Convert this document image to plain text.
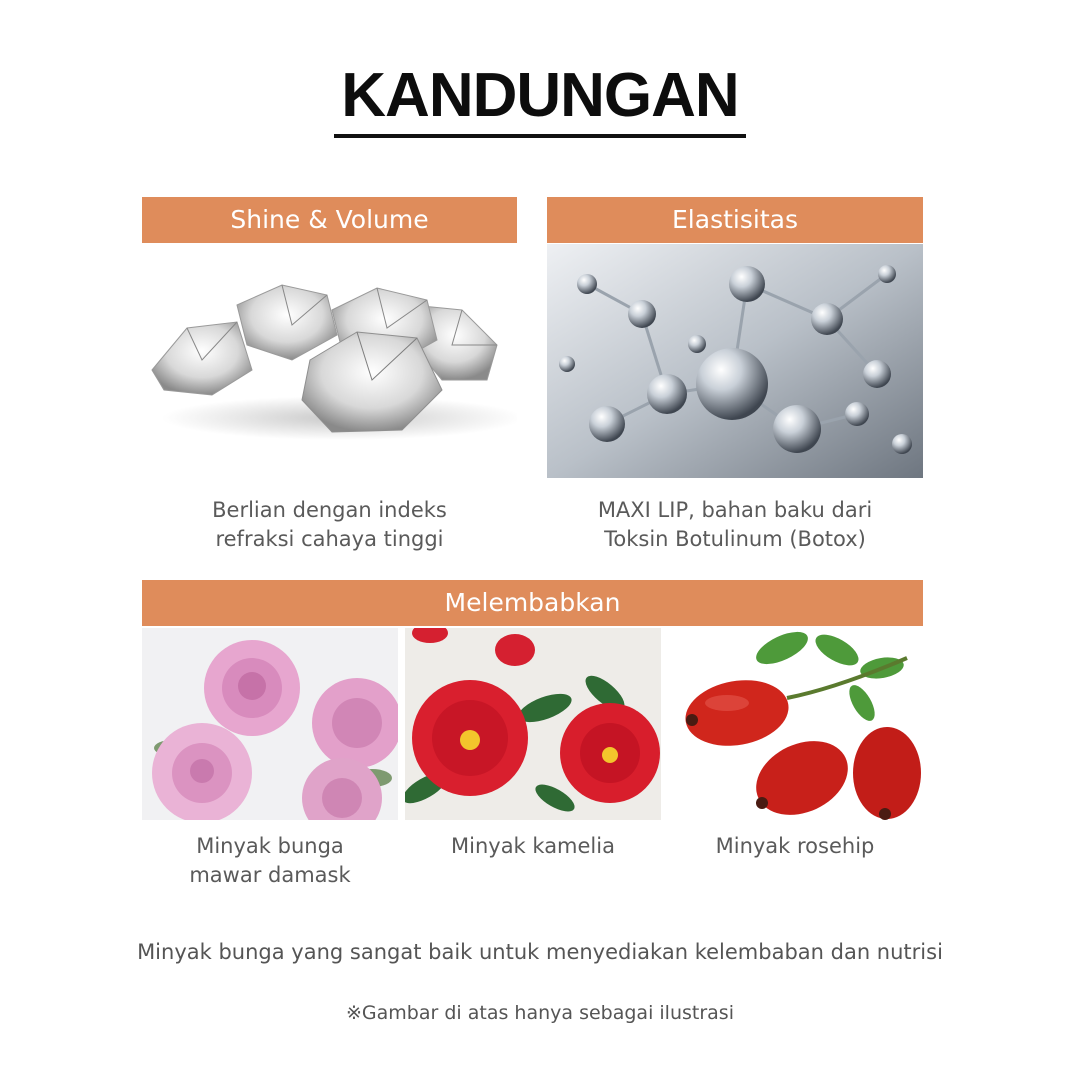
KANDUNGAN
Shine & Volume	Elastisitas
Berlian dengan indeks
refraksi cahaya tinggi
MAXI LIP, bahan baku dari
Toksin Botulinum (Botox)
Melembabkan
Minyak bunga
mawar damask
Minyak kamelia	Minyak rosehip
Minyak bunga yang sangat baik untuk menyediakan kelembaban dan nutrisi
※Gambar di atas hanya sebagai ilustrasi
